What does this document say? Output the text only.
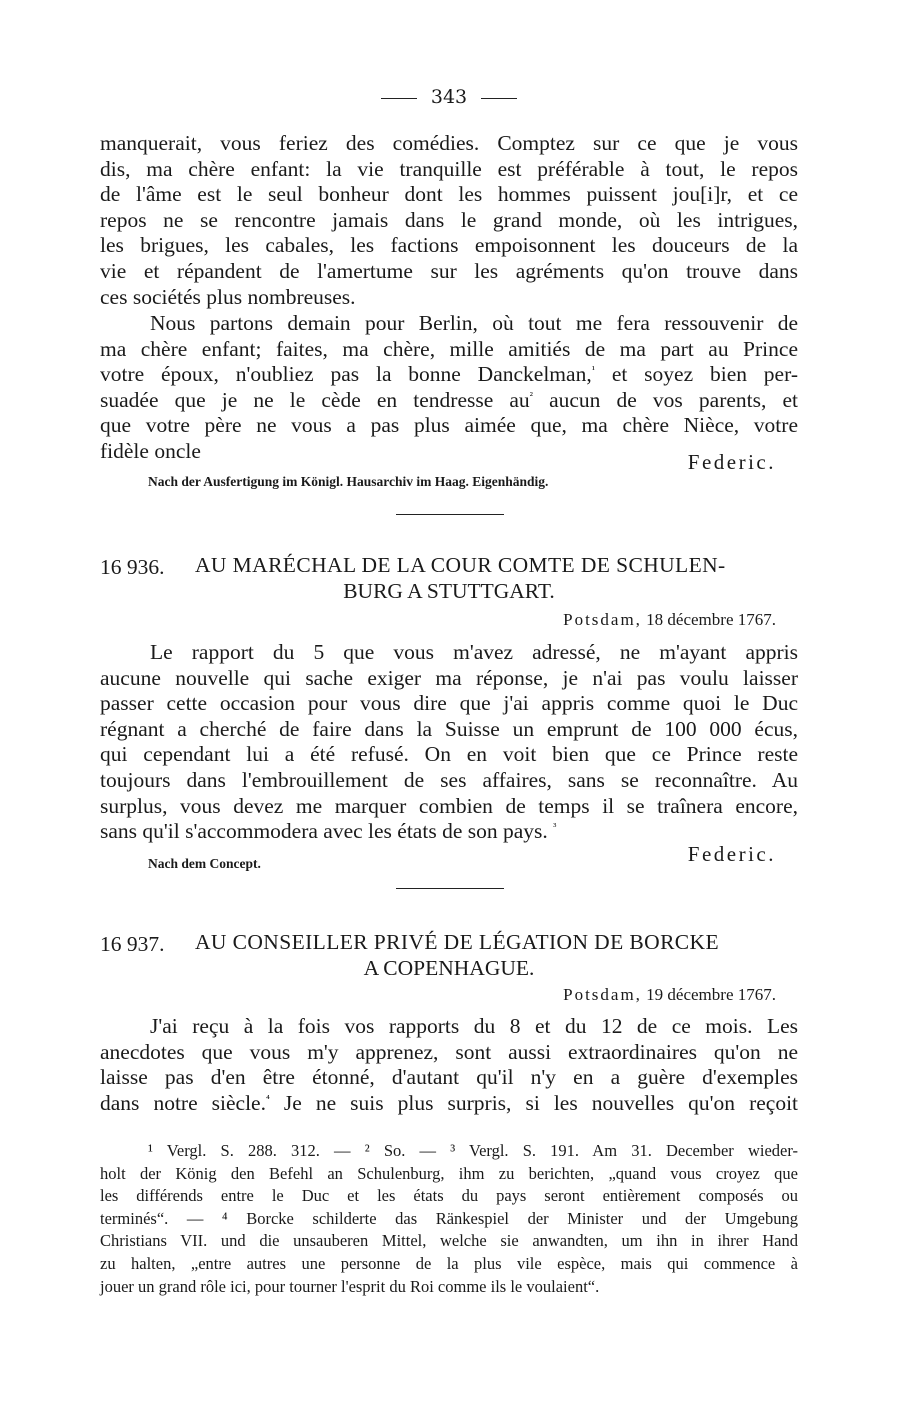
343
manquerait, vous feriez des comédies. Comptez sur ce que je vous
dis, ma chère enfant: la vie tranquille est préférable à tout, le repos
de l'âme est le seul bonheur dont les hommes puissent jou[i]r, et ce
repos ne se rencontre jamais dans le grand monde, où les intrigues,
les brigues, les cabales, les factions empoisonnent les douceurs de la
vie et répandent de l'amertume sur les agréments qu'on trouve dans
ces sociétés plus nombreuses.
Nous partons demain pour Berlin, où tout me fera ressouvenir de
ma chère enfant; faites, ma chère, mille amitiés de ma part au Prince
votre époux, n'oubliez pas la bonne Danckelman,$^{^1}$ et soyez bien per-
suadée que je ne le cède en tendresse $au^{^2}$ aucun de vos parents, et
que votre père ne vous a pas plus aimée que, ma chère Nièce, votre
fidèle oncle	Federic.
Nach der Ausfertigung im Königl. Hausarchiv im Haag. Eigenhändig.
16 936. AU MARÉCHAL DE LA COUR COMTE DE SCHULEN-
BURG A STUTTGART.
Potsdam, 18 décembre 1767.
Le rapport du 5 que vous m'avez adressé, ne m'ayant appris
aucune nouvelle qui sache exiger ma réponse, je n'ai pas voulu laisser
passer cette occasion pour vous dire que j'ai appris comme quoi le Duc
régnant a cherché de faire dans la Suisse un emprunt de 100 000 écus,
qui cependant lui a été refusé. On en voit bien que ce Prince reste
toujours dans l'embrouillement de ses affaires, sans se reconnaître. Au
surplus, vous devez me marquer combien de temps il se traînera encore,
sans qu'il s'accommodera avec les états de son pays. $^{^3}$
Nach dem Concept.	Federic.
16 937. AU CONSEILLER PRIVÉ DE LÉGATION DE BORCKE
A COPENHAGUE.
Potsdam, 19 décembre 1767.
J'ai reçu à la fois vos rapports du 8 et du 12 de ce mois. Les
anecdotes que vous m'y apprenez, sont aussi extraordinaires qu'on ne
laisse pas d'en être étonné, d'autant qu'il n'y en a guère d'exemples
dans notre siècle.$^{^4}$ Je ne suis plus surpris, si les nouvelles qu'on reçoit
¹ Vergl. S. 288. 312. — ² So. — ³ Vergl. S. 191. Am 31. December wieder-
holt der König den Befehl an Schulenburg, ihm zu berichten, „quand vous croyez que
les différends entre le Duc et les états du pays seront entièrement composés ou
terminés“. — ⁴ Borcke schilderte das Ränkespiel der Minister und der Umgebung
Christians VII. und die unsauberen Mittel, welche sie anwandten, um ihn in ihrer Hand
zu halten, „entre autres une personne de la plus vile espèce, mais qui commence à
jouer un grand rôle ici, pour tourner l'esprit du Roi comme ils le voulaient“.
